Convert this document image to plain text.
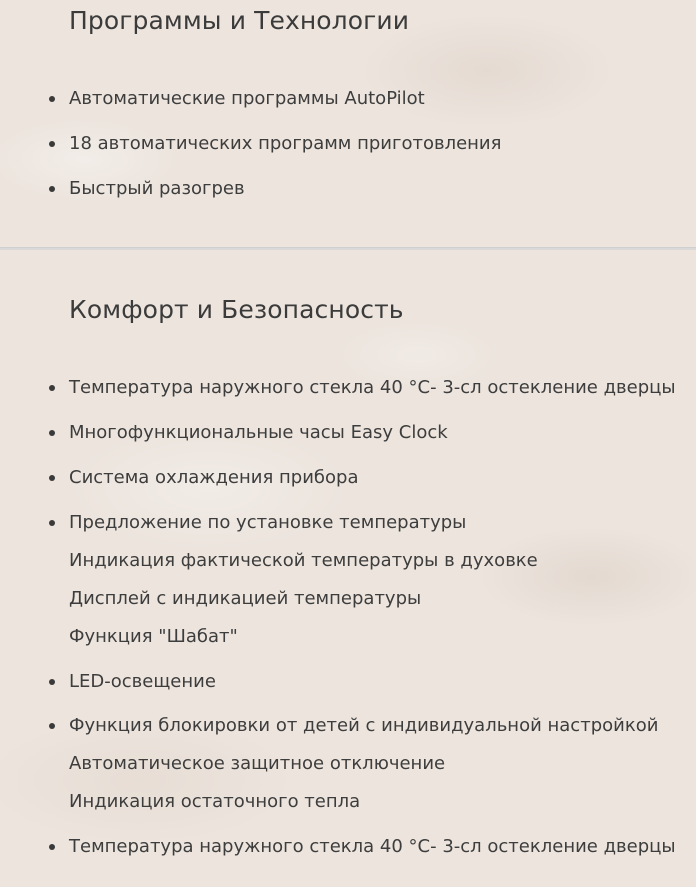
Программы и Технологии
Автоматические программы AutoPilot
18 автоматических программ приготовления
Быстрый разогрев
Комфорт и Безопасность
Температура наружного стекла 40 °С- 3-сл остекление дверцы
Многофункциональные часы Easy Clock
Система охлаждения прибора
Предложение по установке температуры
Индикация фактической температуры в духовке
Дисплей с индикацией температуры
Функция "Шабат"
LED-освещение
Функция блокировки от детей с индивидуальной настройкой
Автоматическое защитное отключение
Индикация остаточного тепла
Температура наружного стекла 40 °С- 3-сл остекление дверцы
